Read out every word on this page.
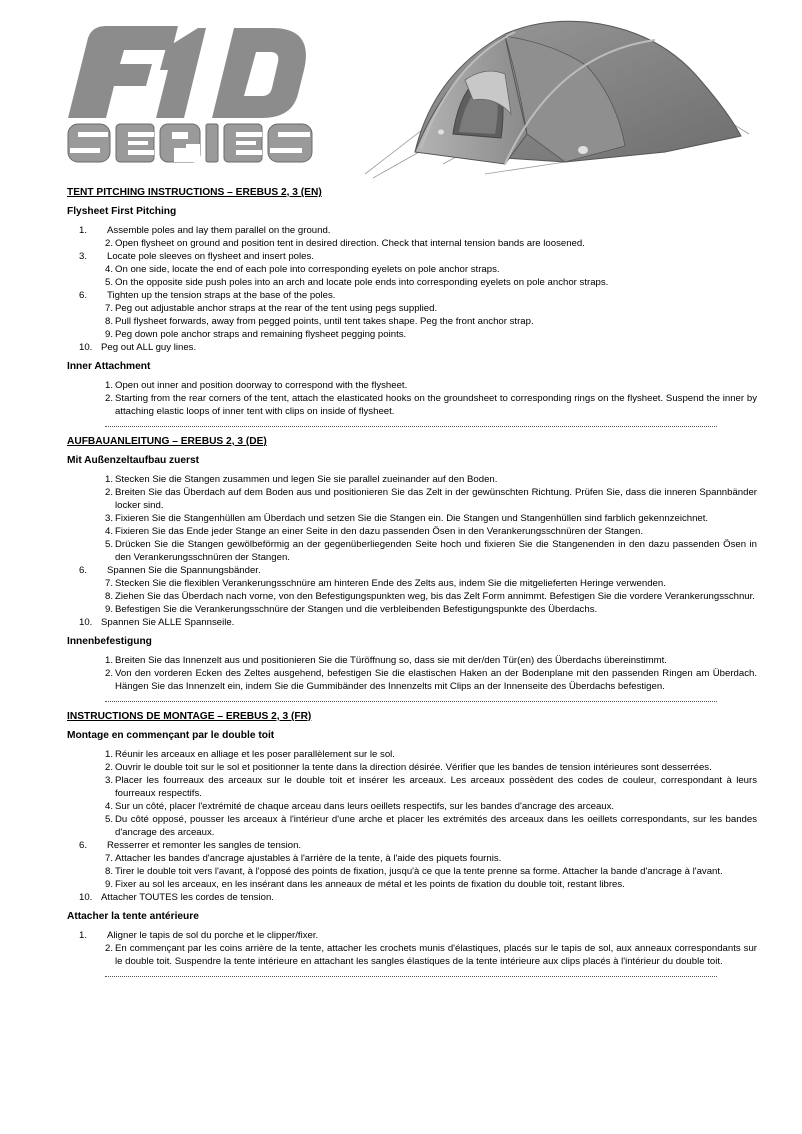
TENT PITCHING INSTRUCTIONS – EREBUS 2, 3 (EN)
Flysheet First Pitching
1.	Assemble poles and lay them parallel on the ground.
2. Open flysheet on ground and position tent in desired direction. Check that internal tension bands are loosened.
3.	Locate pole sleeves on flysheet and insert poles.
4. On one side, locate the end of each pole into corresponding eyelets on pole anchor straps.
5. On the opposite side push poles into an arch and locate pole ends into corresponding eyelets on pole anchor straps.
6.	Tighten up the tension straps at the base of the poles.
7. Peg out adjustable anchor straps at the rear of the tent using pegs supplied.
8. Pull flysheet forwards, away from pegged points, until tent takes shape. Peg the front anchor strap.
9. Peg down pole anchor straps and remaining flysheet pegging points.
10. Peg out ALL guy lines.
Inner Attachment
1. Open out inner and position doorway to correspond with the flysheet.
2. Starting from the rear corners of the tent, attach the elasticated hooks on the groundsheet to corresponding rings on the flysheet. Suspend the inner by attaching elastic loops of inner tent with clips on inside of flysheet.
AUFBAUANLEITUNG – EREBUS 2, 3 (DE)
Mit Außenzeltaufbau zuerst
1. Stecken Sie die Stangen zusammen und legen Sie sie parallel zueinander auf den Boden.
2. Breiten Sie das Überdach auf dem Boden aus und positionieren Sie das Zelt in der gewünschten Richtung. Prüfen Sie, dass die inneren Spannbänder locker sind.
3. Fixieren Sie die Stangenhüllen am Überdach und setzen Sie die Stangen ein. Die Stangen und Stangenhüllen sind farblich gekennzeichnet.
4. Fixieren Sie das Ende jeder Stange an einer Seite in den dazu passenden Ösen in den Verankerungsschnüren der Stangen.
5. Drücken Sie die Stangen gewölbeförmig an der gegenüberliegenden Seite hoch und fixieren Sie die Stangenenden in den dazu passenden Ösen in den Verankerungsschnüren der Stangen.
6.	Spannen Sie die Spannungsbänder.
7. Stecken Sie die flexiblen Verankerungsschnüre am hinteren Ende des Zelts aus, indem Sie die mitgelieferten Heringe verwenden.
8. Ziehen Sie das Überdach nach vorne, von den Befestigungspunkten weg, bis das Zelt Form annimmt. Befestigen Sie die vordere Verankerungsschnur.
9. Befestigen Sie die Verankerungsschnüre der Stangen und die verbleibenden Befestigungspunkte des Überdachs.
10. Spannen Sie ALLE Spannseile.
Innenbefestigung
1. Breiten Sie das Innenzelt aus und positionieren Sie die Türöffnung so, dass sie mit der/den Tür(en) des Überdachs übereinstimmt.
2. Von den vorderen Ecken des Zeltes ausgehend, befestigen Sie die elastischen Haken an der Bodenplane mit den passenden Ringen am Überdach. Hängen Sie das Innenzelt ein, indem Sie die Gummibänder des Innenzelts mit Clips an der Innenseite des Überdachs befestigen.
INSTRUCTIONS DE MONTAGE – EREBUS 2, 3 (FR)
Montage en commençant par le double toit
1. Réunir les arceaux en alliage et les poser parallèlement sur le sol.
2. Ouvrir le double toit sur le sol et positionner la tente dans la direction désirée. Vérifier que les bandes de tension intérieures sont desserrées.
3. Placer les fourreaux des arceaux sur le double toit et insérer les arceaux. Les arceaux possèdent des codes de couleur, correspondant à leurs fourreaux respectifs.
4. Sur un côté, placer l'extrémité de chaque arceau dans leurs oeillets respectifs, sur les bandes d'ancrage des arceaux.
5. Du côté opposé, pousser les arceaux à l'intérieur d'une arche et placer les extrémités des arceaux dans les oeillets correspondants, sur les bandes d'ancrage des arceaux.
6.	Resserrer et remonter les sangles de tension.
7. Attacher les bandes d'ancrage ajustables à l'arrière de la tente, à l'aide des piquets fournis.
8. Tirer le double toit vers l'avant, à l'opposé des points de fixation, jusqu'à ce que la tente prenne sa forme. Attacher la bande d'ancrage à l'avant.
9. Fixer au sol les arceaux, en les insérant dans les anneaux de métal et les points de fixation du double toit, restant libres.
10. Attacher TOUTES les cordes de tension.
Attacher la tente antérieure
1.	Aligner le tapis de sol du porche et le clipper/fixer.
2. En commençant par les coins arrière de la tente, attacher les crochets munis d'élastiques, placés sur le tapis de sol, aux anneaux correspondants sur le double toit. Suspendre la tente intérieure en attachant les sangles élastiques de la tente intérieure aux clips placés à l'intérieur du double toit.
